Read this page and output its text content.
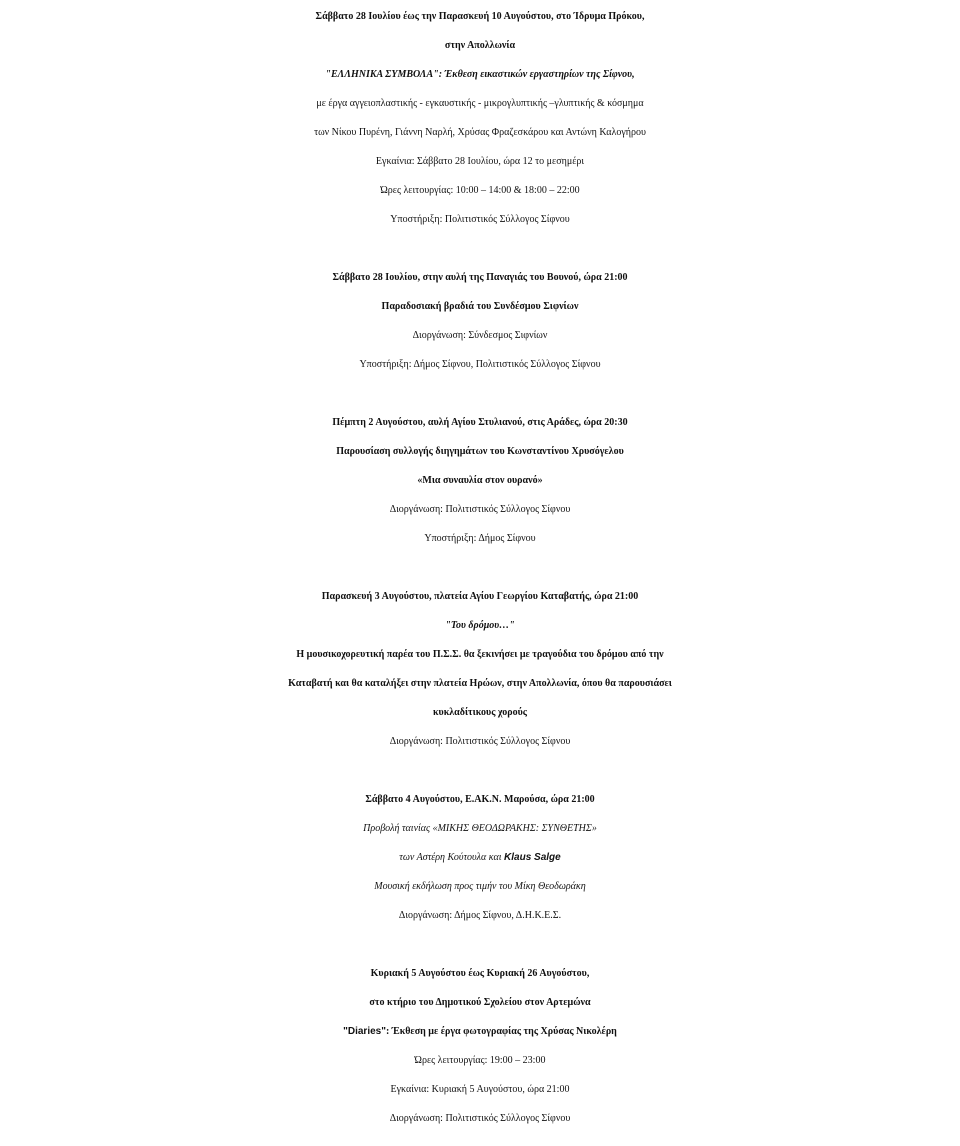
Σάββατο 28 Ιουλίου έως την Παρασκευή 10 Αυγούστου, στο Ίδρυμα Πρόκου,
στην Απολλωνία
"ΕΛΛΗΝΙΚΑ ΣΥΜΒΟΛΑ": Έκθεση εικαστικών εργαστηρίων της Σίφνου,
με έργα αγγειοπλαστικής - εγκαυστικής - μικρογλυπτικής –γλυπτικής & κόσμημα
των Νίκου Πυρένη, Γιάννη Ναρλή, Χρύσας Φραζεσκάρου και Αντώνη Καλογήρου
Εγκαίνια: Σάββατο 28 Ιουλίου, ώρα 12 το μεσημέρι
Ώρες λειτουργίας: 10:00 – 14:00 & 18:00 – 22:00
Υποστήριξη: Πολιτιστικός Σύλλογος Σίφνου
Σάββατο 28 Ιουλίου, στην αυλή της Παναγιάς του Βουνού, ώρα 21:00
Παραδοσιακή βραδιά του Συνδέσμου Σιφνίων
Διοργάνωση: Σύνδεσμος Σιφνίων
Υποστήριξη: Δήμος Σίφνου, Πολιτιστικός Σύλλογος Σίφνου
Πέμπτη 2 Αυγούστου, αυλή Αγίου Στυλιανού, στις Αράδες, ώρα 20:30
Παρουσίαση συλλογής διηγημάτων του Κωνσταντίνου Χρυσόγελου
«Μια συναυλία στον ουρανό»
Διοργάνωση: Πολιτιστικός Σύλλογος Σίφνου
Υποστήριξη: Δήμος Σίφνου
Παρασκευή 3 Αυγούστου, πλατεία Αγίου Γεωργίου Καταβατής, ώρα 21:00
"Του δρόμου…"
Η μουσικοχορευτική παρέα του Π.Σ.Σ. θα ξεκινήσει με τραγούδια του δρόμου από την
Καταβατή και θα καταλήξει στην πλατεία Ηρώων, στην Απολλωνία, όπου θα παρουσιάσει
κυκλαδίτικους χορούς
Διοργάνωση: Πολιτιστικός Σύλλογος Σίφνου
Σάββατο 4 Αυγούστου, Ε.ΑΚ.Ν. Μαρούσα, ώρα 21:00
Προβολή ταινίας «ΜΙΚΗΣ ΘΕΟΔΩΡΑΚΗΣ: ΣΥΝΘΕΤΗΣ»
των Αστέρη Κούτουλα και Klaus Salge
Μουσική εκδήλωση προς τιμήν του Μίκη Θεοδωράκη
Διοργάνωση: Δήμος Σίφνου, Δ.Η.Κ.Ε.Σ.
Κυριακή 5 Αυγούστου έως Κυριακή 26 Αυγούστου,
στο κτήριο του Δημοτικού Σχολείου στον Αρτεμώνα
"Diaries": Έκθεση με έργα φωτογραφίας της Χρύσας Νικολέρη
Ώρες λειτουργίας: 19:00 – 23:00
Εγκαίνια: Κυριακή 5 Αυγούστου, ώρα 21:00
Διοργάνωση: Πολιτιστικός Σύλλογος Σίφνου
